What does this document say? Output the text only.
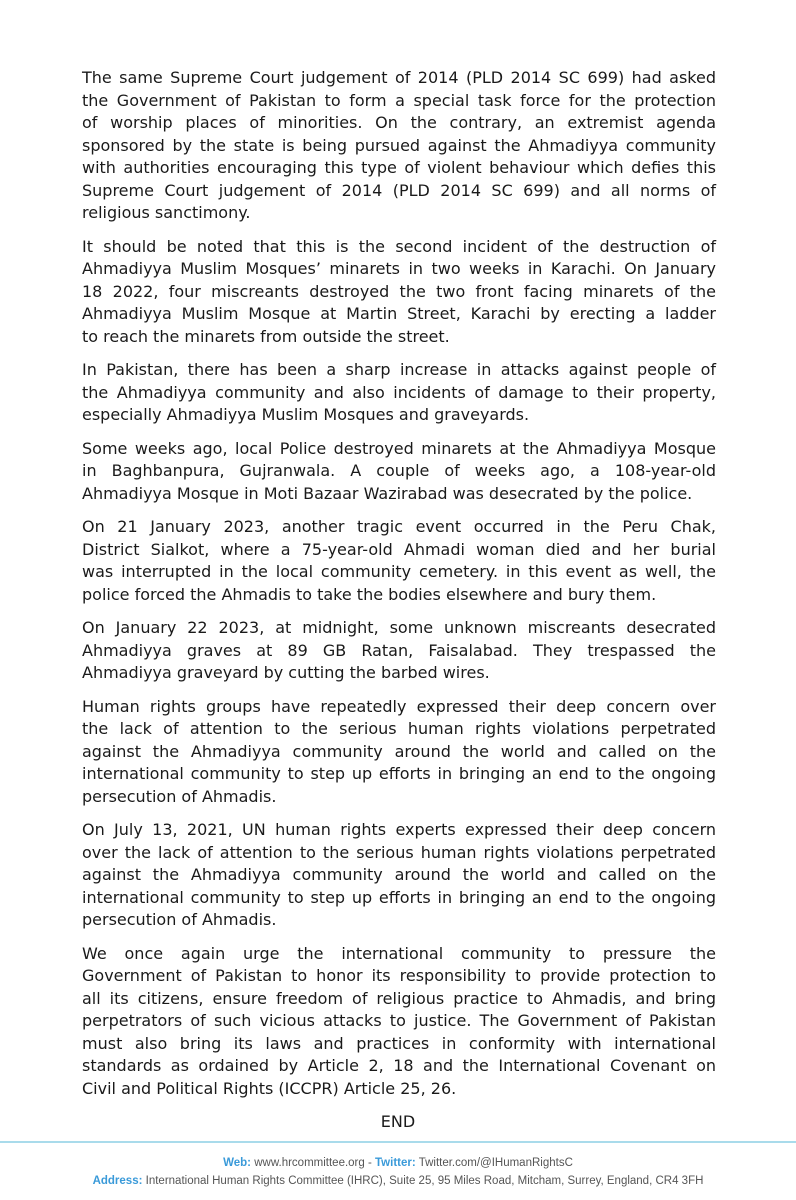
The same Supreme Court judgement of 2014 (PLD 2014 SC 699) had asked
the Government of Pakistan to form a special task force for the protection
of worship places of minorities. On the contrary, an extremist agenda
sponsored by the state is being pursued against the Ahmadiyya community
with authorities encouraging this type of violent behaviour which defies this
Supreme Court judgement of 2014 (PLD 2014 SC 699) and all norms of
religious sanctimony.
It should be noted that this is the second incident of the destruction of
Ahmadiyya Muslim Mosques’ minarets in two weeks in Karachi. On January
18 2022, four miscreants destroyed the two front facing minarets of the
Ahmadiyya Muslim Mosque at Martin Street, Karachi by erecting a ladder
to reach the minarets from outside the street.
In Pakistan, there has been a sharp increase in attacks against people of
the Ahmadiyya community and also incidents of damage to their property,
especially Ahmadiyya Muslim Mosques and graveyards.
Some weeks ago, local Police destroyed minarets at the Ahmadiyya Mosque
in Baghbanpura, Gujranwala. A couple of weeks ago, a 108-year-old
Ahmadiyya Mosque in Moti Bazaar Wazirabad was desecrated by the police.
On 21 January 2023, another tragic event occurred in the Peru Chak,
District Sialkot, where a 75-year-old Ahmadi woman died and her burial
was interrupted in the local community cemetery. in this event as well, the
police forced the Ahmadis to take the bodies elsewhere and bury them.
On January 22 2023, at midnight, some unknown miscreants desecrated
Ahmadiyya graves at 89 GB Ratan, Faisalabad. They trespassed the
Ahmadiyya graveyard by cutting the barbed wires.
Human rights groups have repeatedly expressed their deep concern over
the lack of attention to the serious human rights violations perpetrated
against the Ahmadiyya community around the world and called on the
international community to step up efforts in bringing an end to the ongoing
persecution of Ahmadis.
On July 13, 2021, UN human rights experts expressed their deep concern
over the lack of attention to the serious human rights violations perpetrated
against the Ahmadiyya community around the world and called on the
international community to step up efforts in bringing an end to the ongoing
persecution of Ahmadis.
We once again urge the international community to pressure the
Government of Pakistan to honor its responsibility to provide protection to
all its citizens, ensure freedom of religious practice to Ahmadis, and bring
perpetrators of such vicious attacks to justice. The Government of Pakistan
must also bring its laws and practices in conformity with international
standards as ordained by Article 2, 18 and the International Covenant on
Civil and Political Rights (ICCPR) Article 25, 26.
END
Web: www.hrcommittee.org - Twitter: Twitter.com/@IHumanRightsC
Address: International Human Rights Committee (IHRC), Suite 25, 95 Miles Road, Mitcham, Surrey, England, CR4 3FH
